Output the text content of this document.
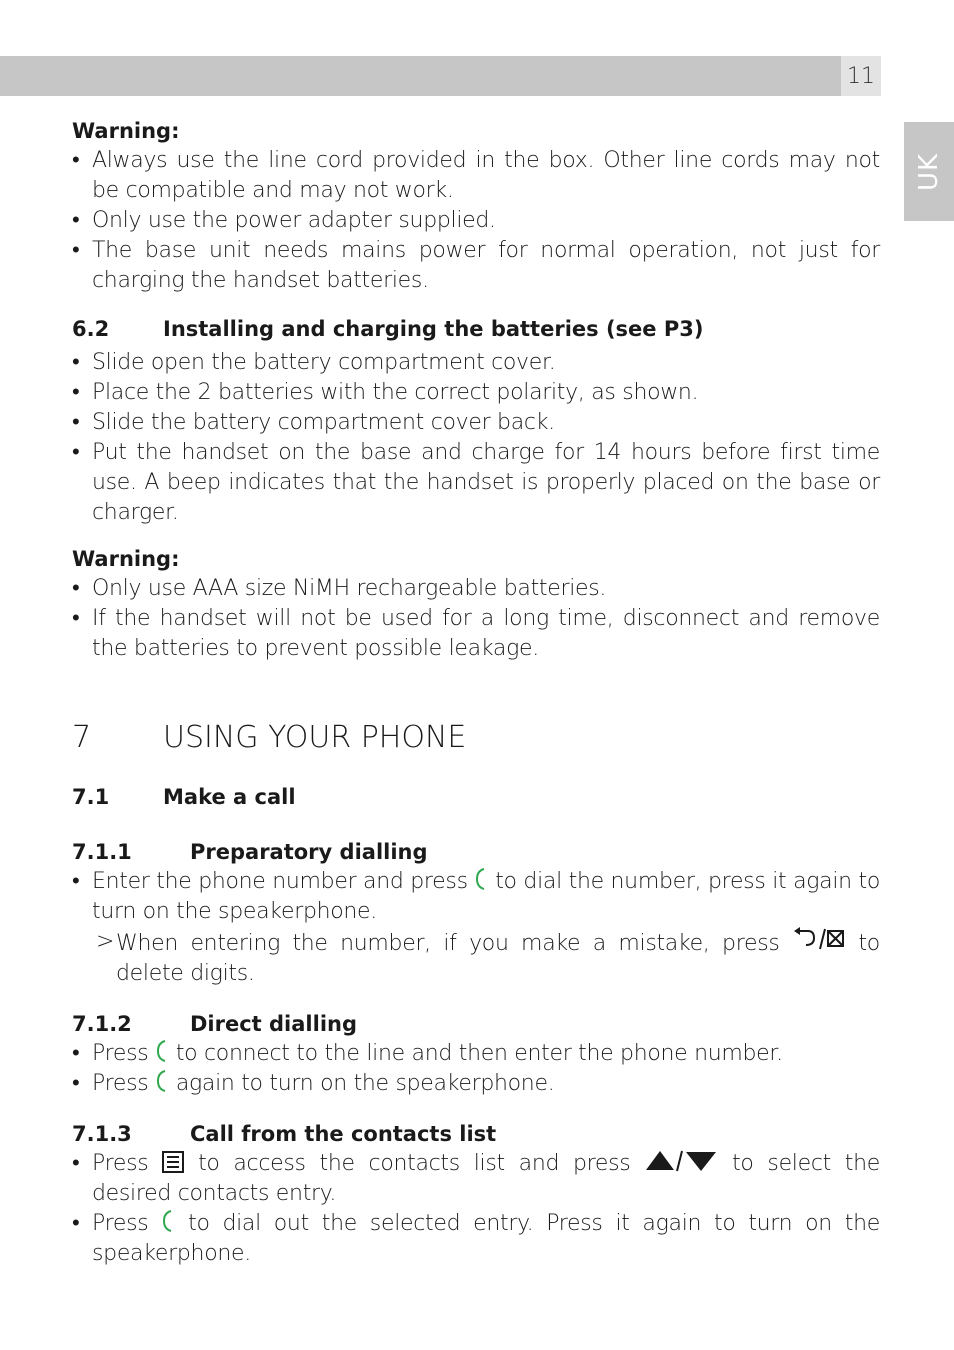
11
UK
Warning:
• Always use the line cord provided in the box. Other line cords may not be compatible and may not work.
• Only use the power adapter supplied.
• The base unit needs mains power for normal operation, not just for charging the handset batteries.
6.2	Installing and charging the batteries (see P3)
• Slide open the battery compartment cover.
• Place the 2 batteries with the correct polarity, as shown.
• Slide the battery compartment cover back.
• Put the handset on the base and charge for 14 hours before first time use. A beep indicates that the handset is properly placed on the base or charger.
Warning:
• Only use AAA size NiMH rechargeable batteries.
• If the handset will not be used for a long time, disconnect and remove the batteries to prevent possible leakage.
7	USING YOUR PHONE
7.1	Make a call
7.1.1	Preparatory dialling
• Enter the phone number and press to dial the number, press it again to turn on the speakerphone.
> When entering the number, if you make a mistake, press	to delete digits.
7.1.2	Direct dialling
• Press to connect to the line and then enter the phone number.
• Press again to turn on the speakerphone.
7.1.3	Call from the contacts list
• Press to access the contacts list and press	to select the desired contacts entry.
• Press to dial out the selected entry. Press it again to turn on the speakerphone.
